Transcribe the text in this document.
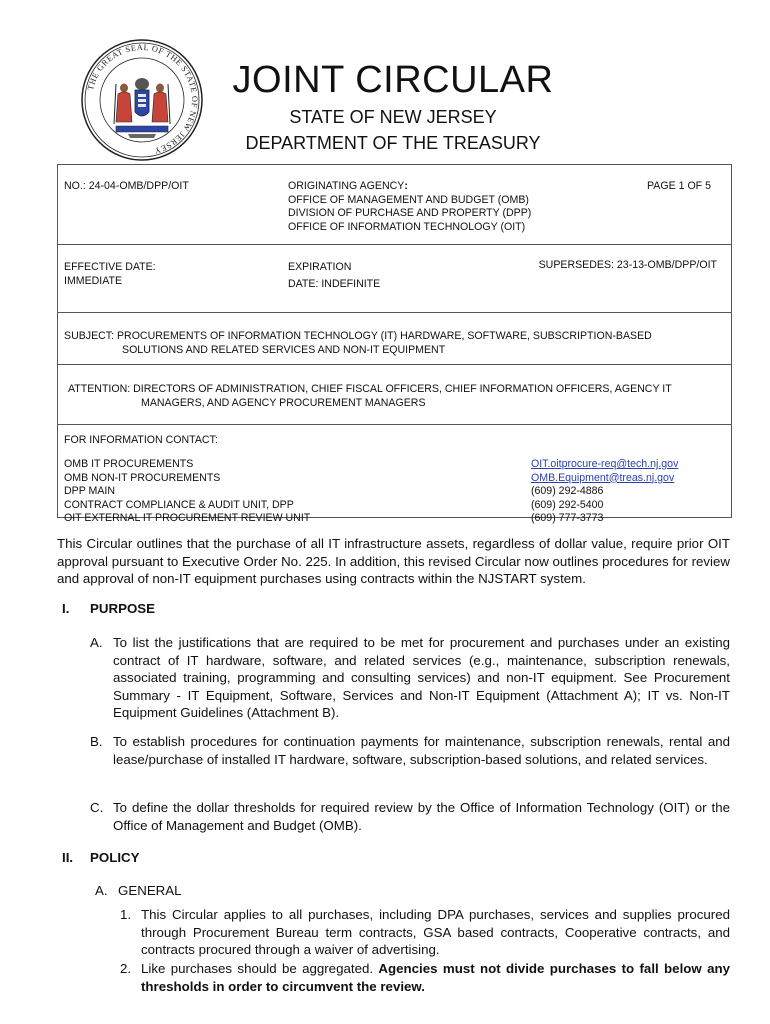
THE GREAT SEAL OF THE STATE OF NEW JERSEY
JOINT CIRCULAR
STATE OF NEW JERSEY
DEPARTMENT OF THE TREASURY
NO.: 24-04-OMB/DPP/OIT	ORIGINATING AGENCY:
OFFICE OF MANAGEMENT AND BUDGET (OMB)
DIVISION OF PURCHASE AND PROPERTY (DPP)
OFFICE OF INFORMATION TECHNOLOGY (OIT)
PAGE 1 OF 5
EFFECTIVE DATE:
IMMEDIATE
EXPIRATION
DATE: INDEFINITE
SUPERSEDES: 23-13-OMB/DPP/OIT
SUBJECT: PROCUREMENTS OF INFORMATION TECHNOLOGY (IT) HARDWARE, SOFTWARE, SUBSCRIPTION-BASED
SOLUTIONS AND RELATED SERVICES AND NON-IT EQUIPMENT
ATTENTION: DIRECTORS OF ADMINISTRATION, CHIEF FISCAL OFFICERS, CHIEF INFORMATION OFFICERS, AGENCY IT
MANAGERS, AND AGENCY PROCUREMENT MANAGERS
FOR INFORMATION CONTACT:
OMB IT PROCUREMENTS
OMB NON-IT PROCUREMENTS
DPP MAIN
CONTRACT COMPLIANCE & AUDIT UNIT, DPP
OIT EXTERNAL IT PROCUREMENT REVIEW UNIT
OIT.oitprocure-req@tech.nj.gov
OMB.Equipment@treas.nj.gov
(609) 292-4886
(609) 292-5400
(609) 777-3773
This Circular outlines that the purchase of all IT infrastructure assets, regardless of dollar value, require prior OIT approval pursuant to Executive Order No. 225. In addition, this revised Circular now outlines procedures for review and approval of non-IT equipment purchases using contracts within the NJSTART system.
I. PURPOSE
A. To list the justifications that are required to be met for procurement and purchases under an existing contract of IT hardware, software, and related services (e.g., maintenance, subscription renewals, associated training, programming and consulting services) and non-IT equipment. See Procurement Summary - IT Equipment, Software, Services and Non-IT Equipment (Attachment A); IT vs. Non-IT Equipment Guidelines (Attachment B).
B. To establish procedures for continuation payments for maintenance, subscription renewals, rental and lease/purchase of installed IT hardware, software, subscription-based solutions, and related services.
C. To define the dollar thresholds for required review by the Office of Information Technology (OIT) or the Office of Management and Budget (OMB).
II. POLICY
A. GENERAL
1. This Circular applies to all purchases, including DPA purchases, services and supplies procured through Procurement Bureau term contracts, GSA based contracts, Cooperative contracts, and contracts procured through a waiver of advertising.
2. Like purchases should be aggregated. Agencies must not divide purchases to fall below any thresholds in order to circumvent the review.
